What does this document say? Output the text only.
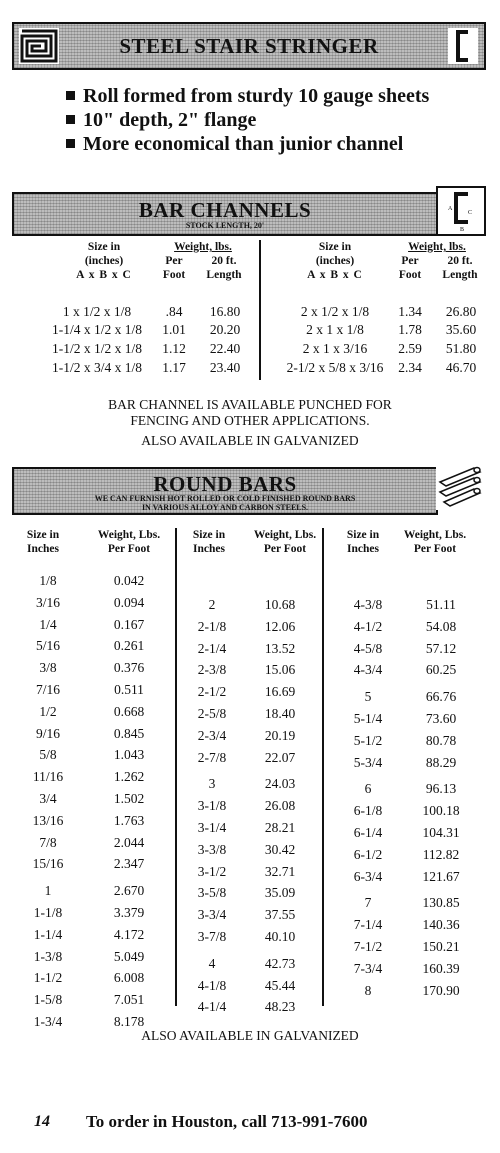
STEEL STAIR STRINGER
Roll formed from sturdy 10 gauge sheets
10" depth, 2" flange
More economical than junior channel
BAR CHANNELS
STOCK LENGTH, 20'
A
C
B
Size in
(inches)
A x B x C
Weight, lbs.
Per
Foot
20 ft.
Length
Size in
(inches)
A x B x C
Weight, lbs.
Per
Foot
20 ft.
Length
1 x 1/2 x 1/8	.84	16.80
1-1/4 x 1/2 x 1/8	1.01	20.20
1-1/2 x 1/2 x 1/8	1.12	22.40
1-1/2 x 3/4 x 1/8	1.17	23.40
2 x 1/2 x 1/8	1.34	26.80
2 x 1 x 1/8	1.78	35.60
2 x 1 x 3/16	2.59	51.80
2-1/2 x 5/8 x 3/16	2.34	46.70
BAR CHANNEL IS AVAILABLE PUNCHED FOR
FENCING AND OTHER APPLICATIONS.
ALSO AVAILABLE IN GALVANIZED
ROUND BARS
WE CAN FURNISH HOT ROLLED OR COLD FINISHED ROUND BARS
IN VARIOUS ALLOY AND CARBON STEELS.
Size in
Inches
Weight, Lbs.
Per Foot
Size in
Inches
Weight, Lbs.
Per Foot
Size in
Inches
Weight, Lbs.
Per Foot
1/8	0.042
3/16	0.094
1/4	0.167
5/16	0.261
3/8	0.376
7/16	0.511
1/2	0.668
9/16	0.845
5/8	1.043
11/16	1.262
3/4	1.502
13/16	1.763
7/8	2.044
15/16	2.347
1	2.670
1-1/8	3.379
1-1/4	4.172
1-3/8	5.049
1-1/2	6.008
1-5/8	7.051
1-3/4	8.178
2	10.68
2-1/8	12.06
2-1/4	13.52
2-3/8	15.06
2-1/2	16.69
2-5/8	18.40
2-3/4	20.19
2-7/8	22.07
3	24.03
3-1/8	26.08
3-1/4	28.21
3-3/8	30.42
3-1/2	32.71
3-5/8	35.09
3-3/4	37.55
3-7/8	40.10
4	42.73
4-1/8	45.44
4-1/4	48.23
4-3/8	51.11
4-1/2	54.08
4-5/8	57.12
4-3/4	60.25
5	66.76
5-1/4	73.60
5-1/2	80.78
5-3/4	88.29
6	96.13
6-1/8	100.18
6-1/4	104.31
6-1/2	112.82
6-3/4	121.67
7	130.85
7-1/4	140.36
7-1/2	150.21
7-3/4	160.39
8	170.90
ALSO AVAILABLE IN GALVANIZED
14 To order in Houston, call 713-991-7600
